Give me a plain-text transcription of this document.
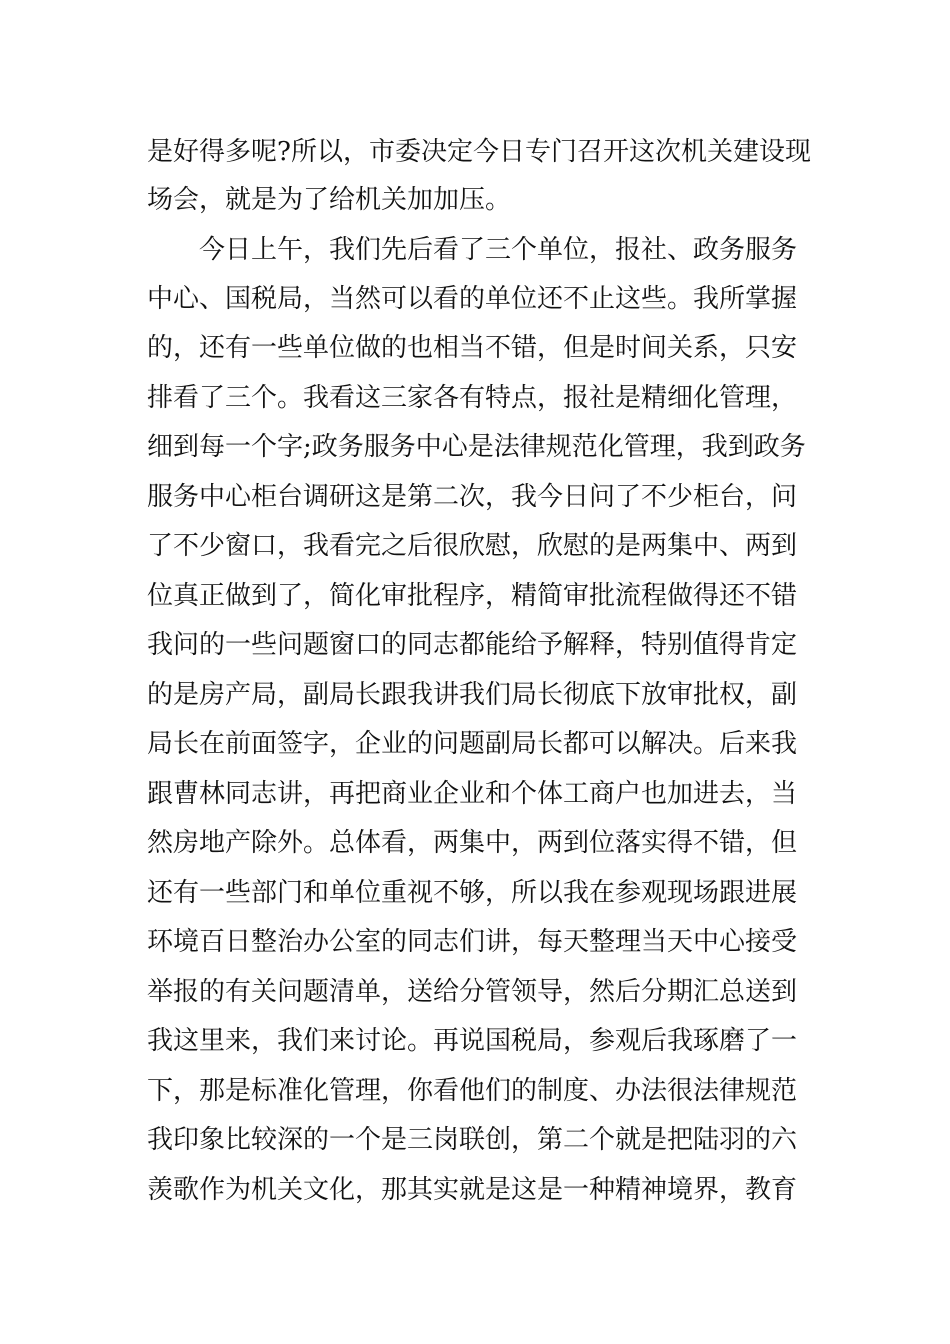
是好得多呢?所以，市委决定今日专门召开这次机关建设现
场会，就是为了给机关加加压。
今日上午，我们先后看了三个单位，报社、政务服务
中心、国税局，当然可以看的单位还不止这些。我所掌握
的，还有一些单位做的也相当不错，但是时间关系，只安
排看了三个。我看这三家各有特点，报社是精细化管理，
细到每一个字;政务服务中心是法律规范化管理，我到政务
服务中心柜台调研这是第二次，我今日问了不少柜台，问
了不少窗口，我看完之后很欣慰，欣慰的是两集中、两到
位真正做到了，简化审批程序，精简审批流程做得还不错
我问的一些问题窗口的同志都能给予解释，特别值得肯定
的是房产局，副局长跟我讲我们局长彻底下放审批权，副
局长在前面签字，企业的问题副局长都可以解决。后来我
跟曹林同志讲，再把商业企业和个体工商户也加进去，当
然房地产除外。总体看，两集中，两到位落实得不错，但
还有一些部门和单位重视不够，所以我在参观现场跟进展
环境百日整治办公室的同志们讲，每天整理当天中心接受
举报的有关问题清单，送给分管领导，然后分期汇总送到
我这里来，我们来讨论。再说国税局，参观后我琢磨了一
下，那是标准化管理，你看他们的制度、办法很法律规范
我印象比较深的一个是三岗联创，第二个就是把陆羽的六
羡歌作为机关文化，那其实就是这是一种精神境界，教育
